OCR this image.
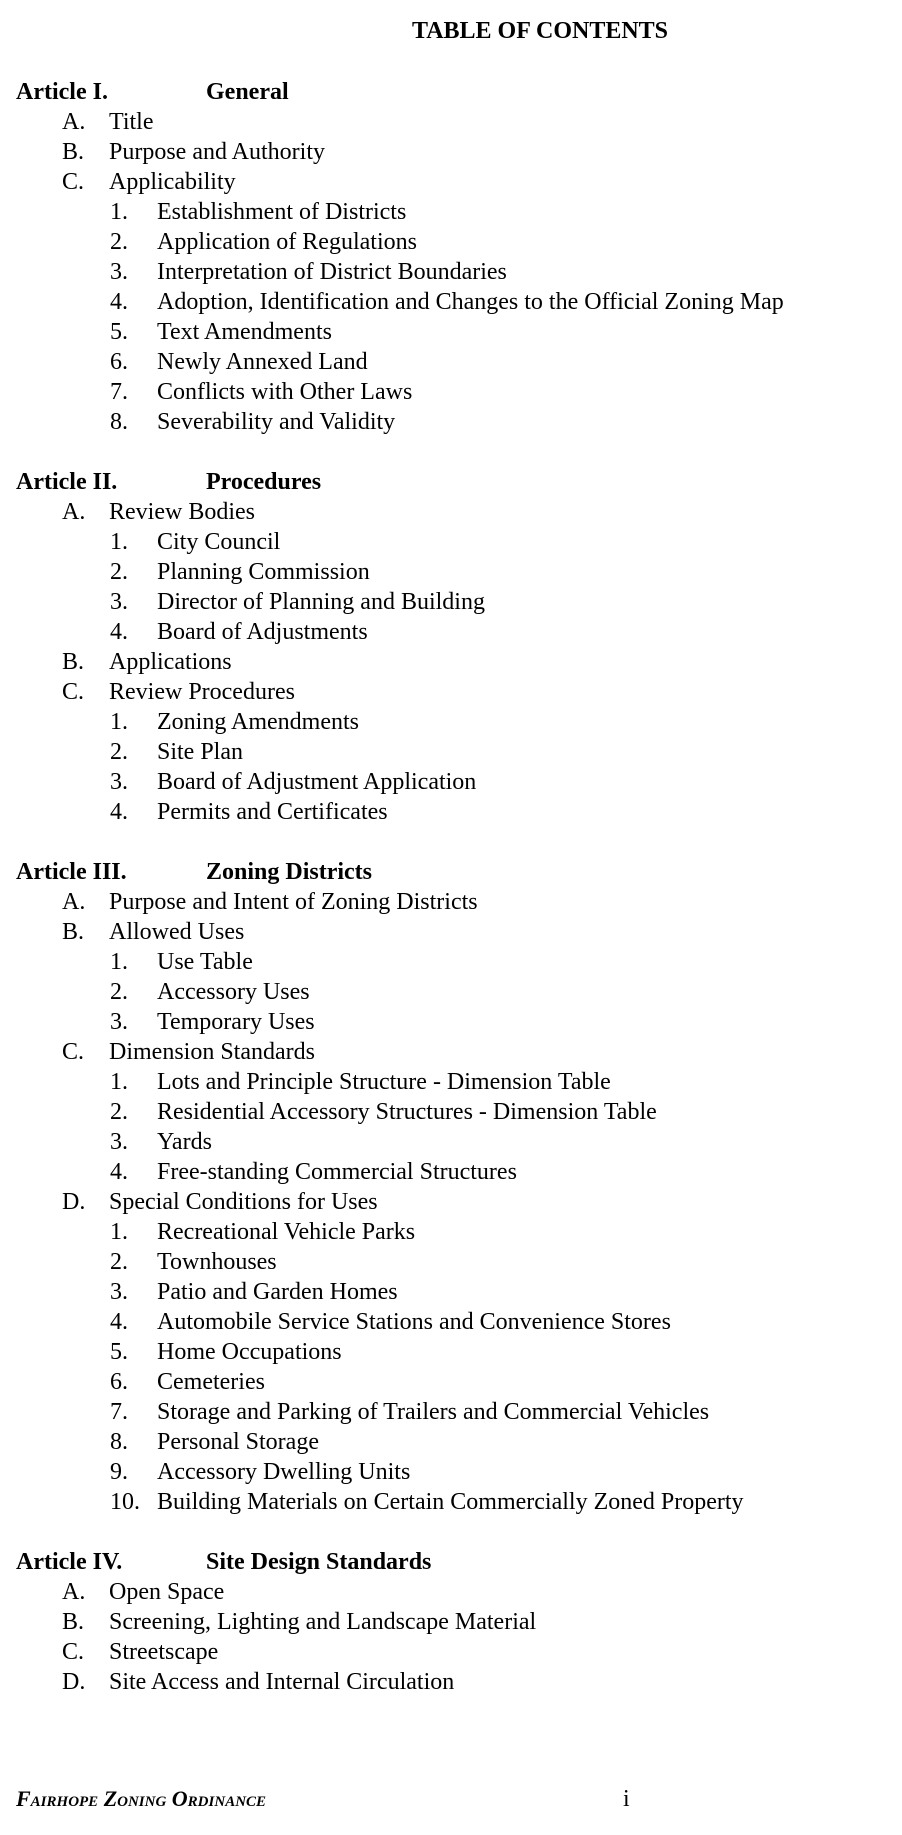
TABLE OF CONTENTS
Article I.	General
A. Title
B. Purpose and Authority
C. Applicability
1. Establishment of Districts
2. Application of Regulations
3. Interpretation of District Boundaries
4. Adoption, Identification and Changes to the Official Zoning Map
5. Text Amendments
6. Newly Annexed Land
7. Conflicts with Other Laws
8. Severability and Validity
Article II.	Procedures
A. Review Bodies
1. City Council
2. Planning Commission
3. Director of Planning and Building
4. Board of Adjustments
B. Applications
C. Review Procedures
1. Zoning Amendments
2. Site Plan
3. Board of Adjustment Application
4. Permits and Certificates
Article III.	Zoning Districts
A. Purpose and Intent of Zoning Districts
B. Allowed Uses
1. Use Table
2. Accessory Uses
3. Temporary Uses
C. Dimension Standards
1. Lots and Principle Structure - Dimension Table
2. Residential Accessory Structures - Dimension Table
3. Yards
4. Free-standing Commercial Structures
D. Special Conditions for Uses
1. Recreational Vehicle Parks
2. Townhouses
3. Patio and Garden Homes
4. Automobile Service Stations and Convenience Stores
5. Home Occupations
6. Cemeteries
7. Storage and Parking of Trailers and Commercial Vehicles
8. Personal Storage
9. Accessory Dwelling Units
10. Building Materials on Certain Commercially Zoned Property
Article IV.	Site Design Standards
A. Open Space
B. Screening, Lighting and Landscape Material
C. Streetscape
D. Site Access and Internal Circulation
Fairhope Zoning Ordinance	i
